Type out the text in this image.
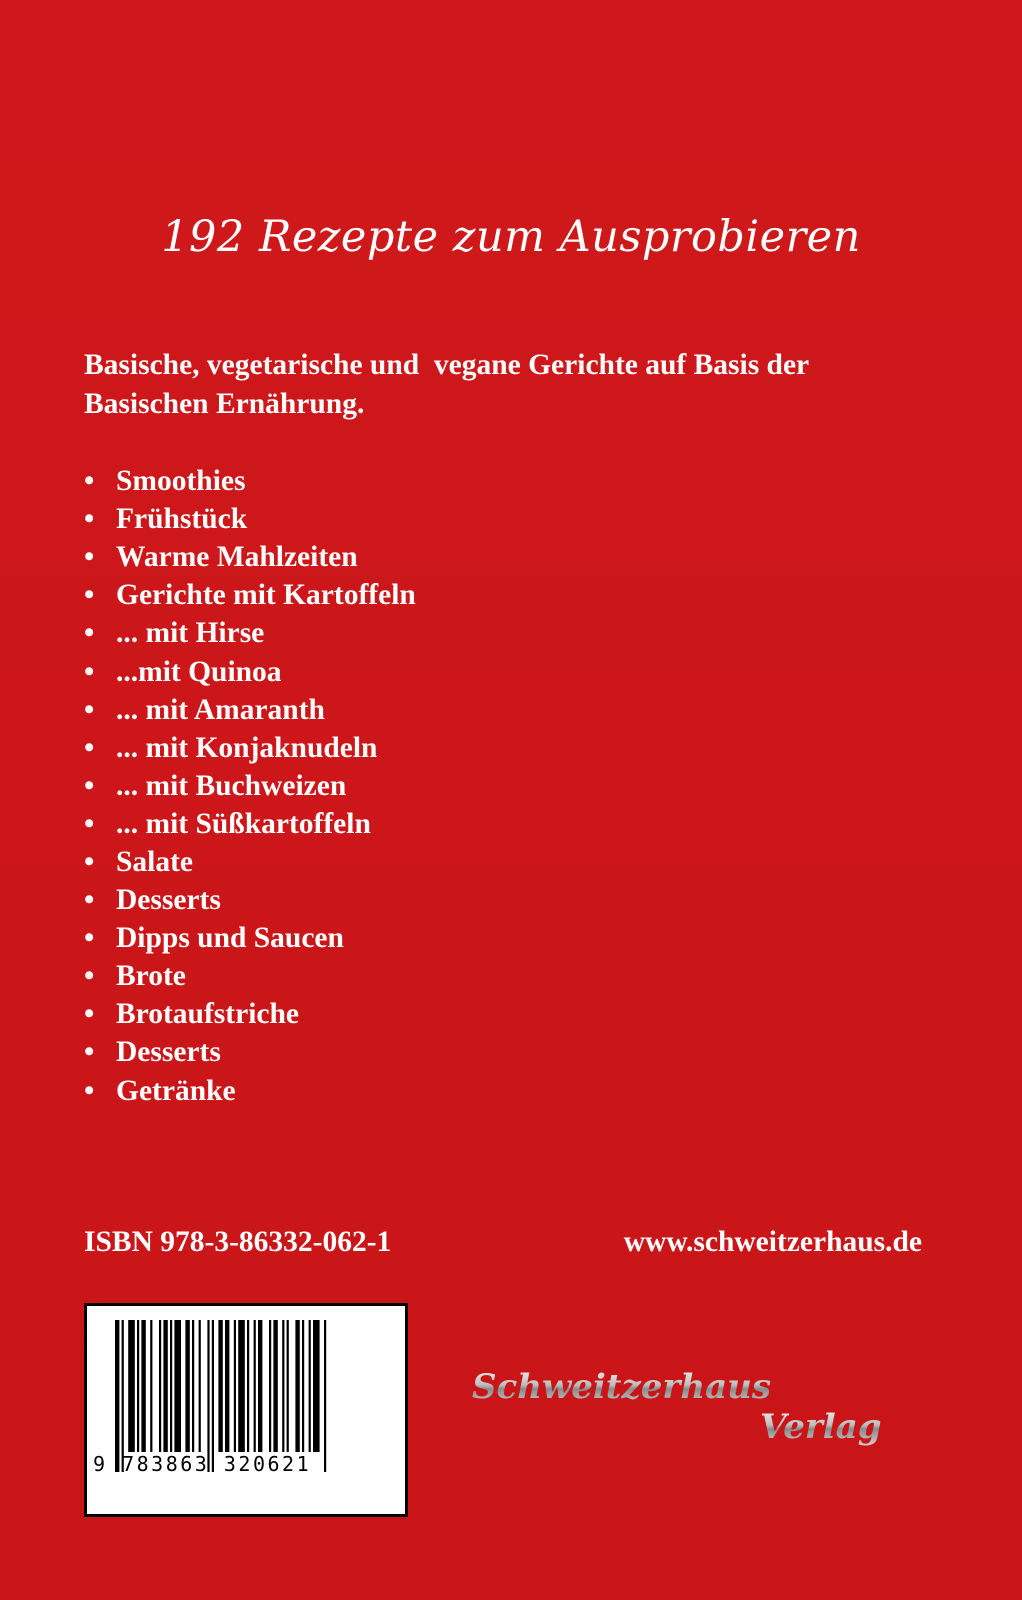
192 Rezepte zum Ausprobieren
Basische, vegetarische und  vegane Gerichte auf Basis der
Basischen Ernährung.
• Smoothies
• Frühstück
• Warme Mahlzeiten
• Gerichte mit Kartoffeln
• ... mit Hirse
• ...mit Quinoa
• ... mit Amaranth
• ... mit Konjaknudeln
• ... mit Buchweizen
• ... mit Süßkartoffeln
• Salate
• Desserts
• Dipps und Saucen
• Brote
• Brotaufstriche
• Desserts
• Getränke
ISBN 978-3-86332-062-1	www.schweitzerhaus.de
9 783863 320621
Schweitzerhaus
Verlag
